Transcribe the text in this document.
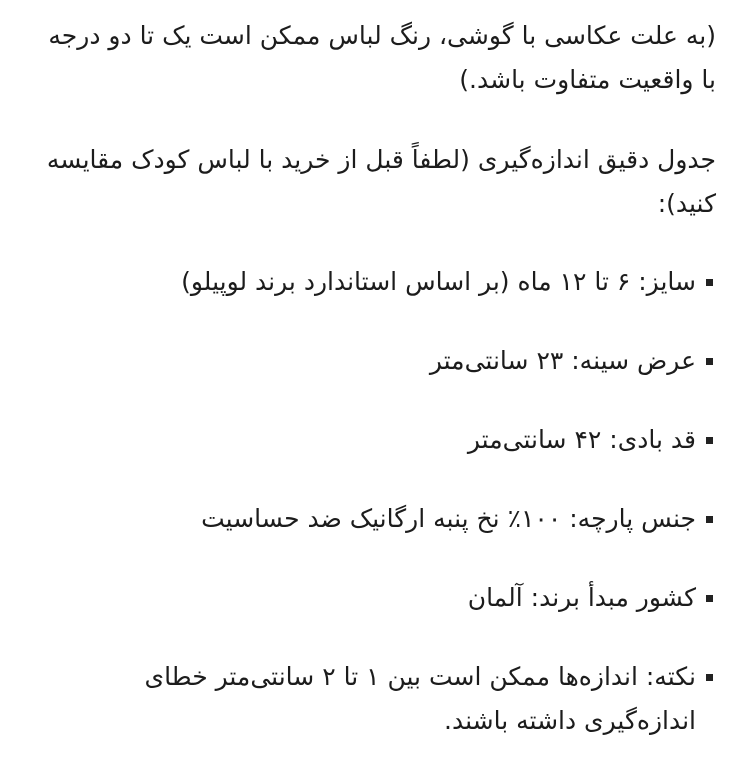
(به علت عکاسی با گوشی، رنگ لباس ممکن است یک تا دو درجه با واقعیت متفاوت باشد.)

جدول دقیق اندازه‌گیری (لطفاً قبل از خرید با لباس کودک مقایسه کنید):

سایز: ۶ تا ۱۲ ماه (بر اساس استاندارد برند لوپیلو)
عرض سینه: ۲۳ سانتی‌متر
قد بادی: ۴۲ سانتی‌متر
جنس پارچه: ۱۰۰٪ نخ پنبه ارگانیک ضد حساسیت
کشور مبدأ برند: آلمان
نکته: اندازه‌ها ممکن است بین ۱ تا ۲ سانتی‌متر خطای اندازه‌گیری داشته باشند.
